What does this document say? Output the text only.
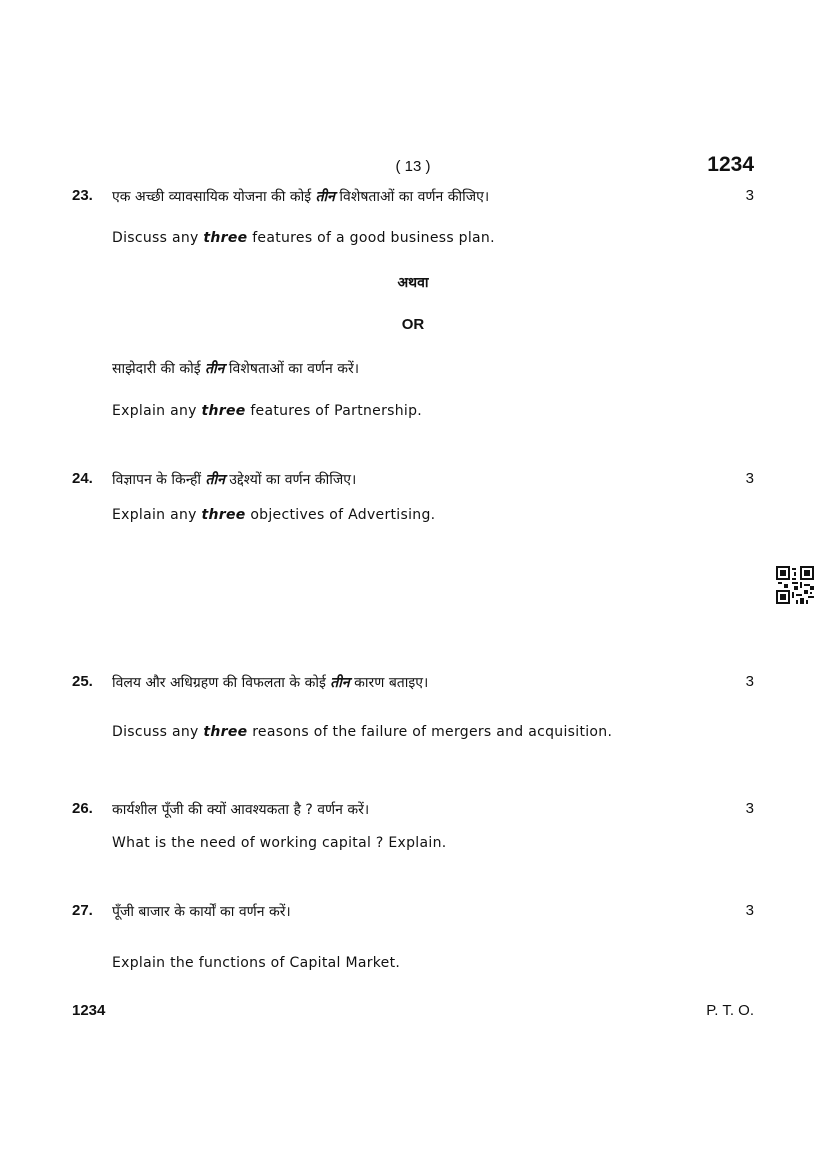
( 13 )	1234
23. एक अच्छी व्यावसायिक योजना की कोई तीन विशेषताओं का वर्णन कीजिए।	3
Discuss any three features of a good business plan.
अथवा
OR
साझेदारी की कोई तीन विशेषताओं का वर्णन करें।
Explain any three features of Partnership.
24. विज्ञापन के किन्हीं तीन उद्देश्यों का वर्णन कीजिए।	3
Explain any three objectives of Advertising.
25. विलय और अधिग्रहण की विफलता के कोई तीन कारण बताइए।	3
Discuss any three reasons of the failure of mergers and acquisition.
26. कार्यशील पूँजी की क्यों आवश्यकता है ? वर्णन करें।	3
What is the need of working capital ? Explain.
27. पूँजी बाजार के कार्यों का वर्णन करें।	3
Explain the functions of Capital Market.
1234	P. T. O.
